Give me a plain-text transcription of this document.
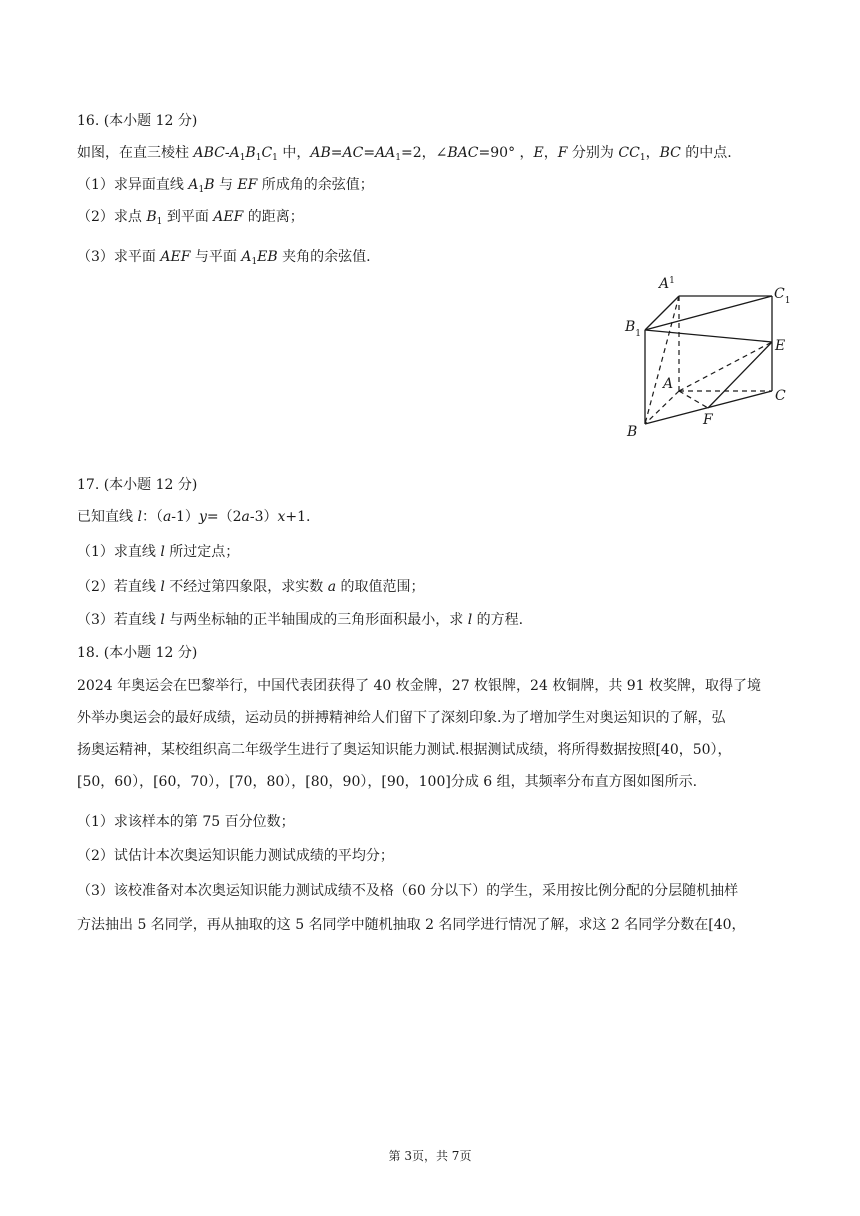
16. (本小题 12 分)
如图，在直三棱柱 ABC-$A_1B_1C_1$ 中，$AB=AC=AA_1=2$，∠BAC=90° ，E，F 分别为 $CC_1$，BC 的中点.
（1）求异面直线 $A_1B$ 与 EF 所成角的余弦值；
（2）求点 $B_1$ 到平面 AEF 的距离；
（3）求平面 AEF 与平面 $A_1EB$ 夹角的余弦值.
$A^1$
$C_1$
$B_1$
E
A
C
F
B
17. (本小题 12 分)
已知直线 l：（a-1）y=（2a-3）x+1.
（1）求直线 l 所过定点；
（2）若直线 l 不经过第四象限，求实数 a 的取值范围；
（3）若直线 l 与两坐标轴的正半轴围成的三角形面积最小，求 l 的方程.
18. (本小题 12 分)
2024 年奥运会在巴黎举行，中国代表团获得了 40 枚金牌，27 枚银牌，24 枚铜牌，共 91 枚奖牌，取得了境
外举办奥运会的最好成绩，运动员的拼搏精神给人们留下了深刻印象.为了增加学生对奥运知识的了解，弘
扬奥运精神，某校组织高二年级学生进行了奥运知识能力测试.根据测试成绩，将所得数据按照[40，50），
[50，60），[60，70），[70，80），[80，90），[90，100]分成 6 组，其频率分布直方图如图所示.
（1）求该样本的第 75 百分位数；
（2）试估计本次奥运知识能力测试成绩的平均分；
（3）该校准备对本次奥运知识能力测试成绩不及格（60 分以下）的学生，采用按比例分配的分层随机抽样
方法抽出 5 名同学，再从抽取的这 5 名同学中随机抽取 2 名同学进行情况了解，求这 2 名同学分数在[40，
第 3页，共 7页
